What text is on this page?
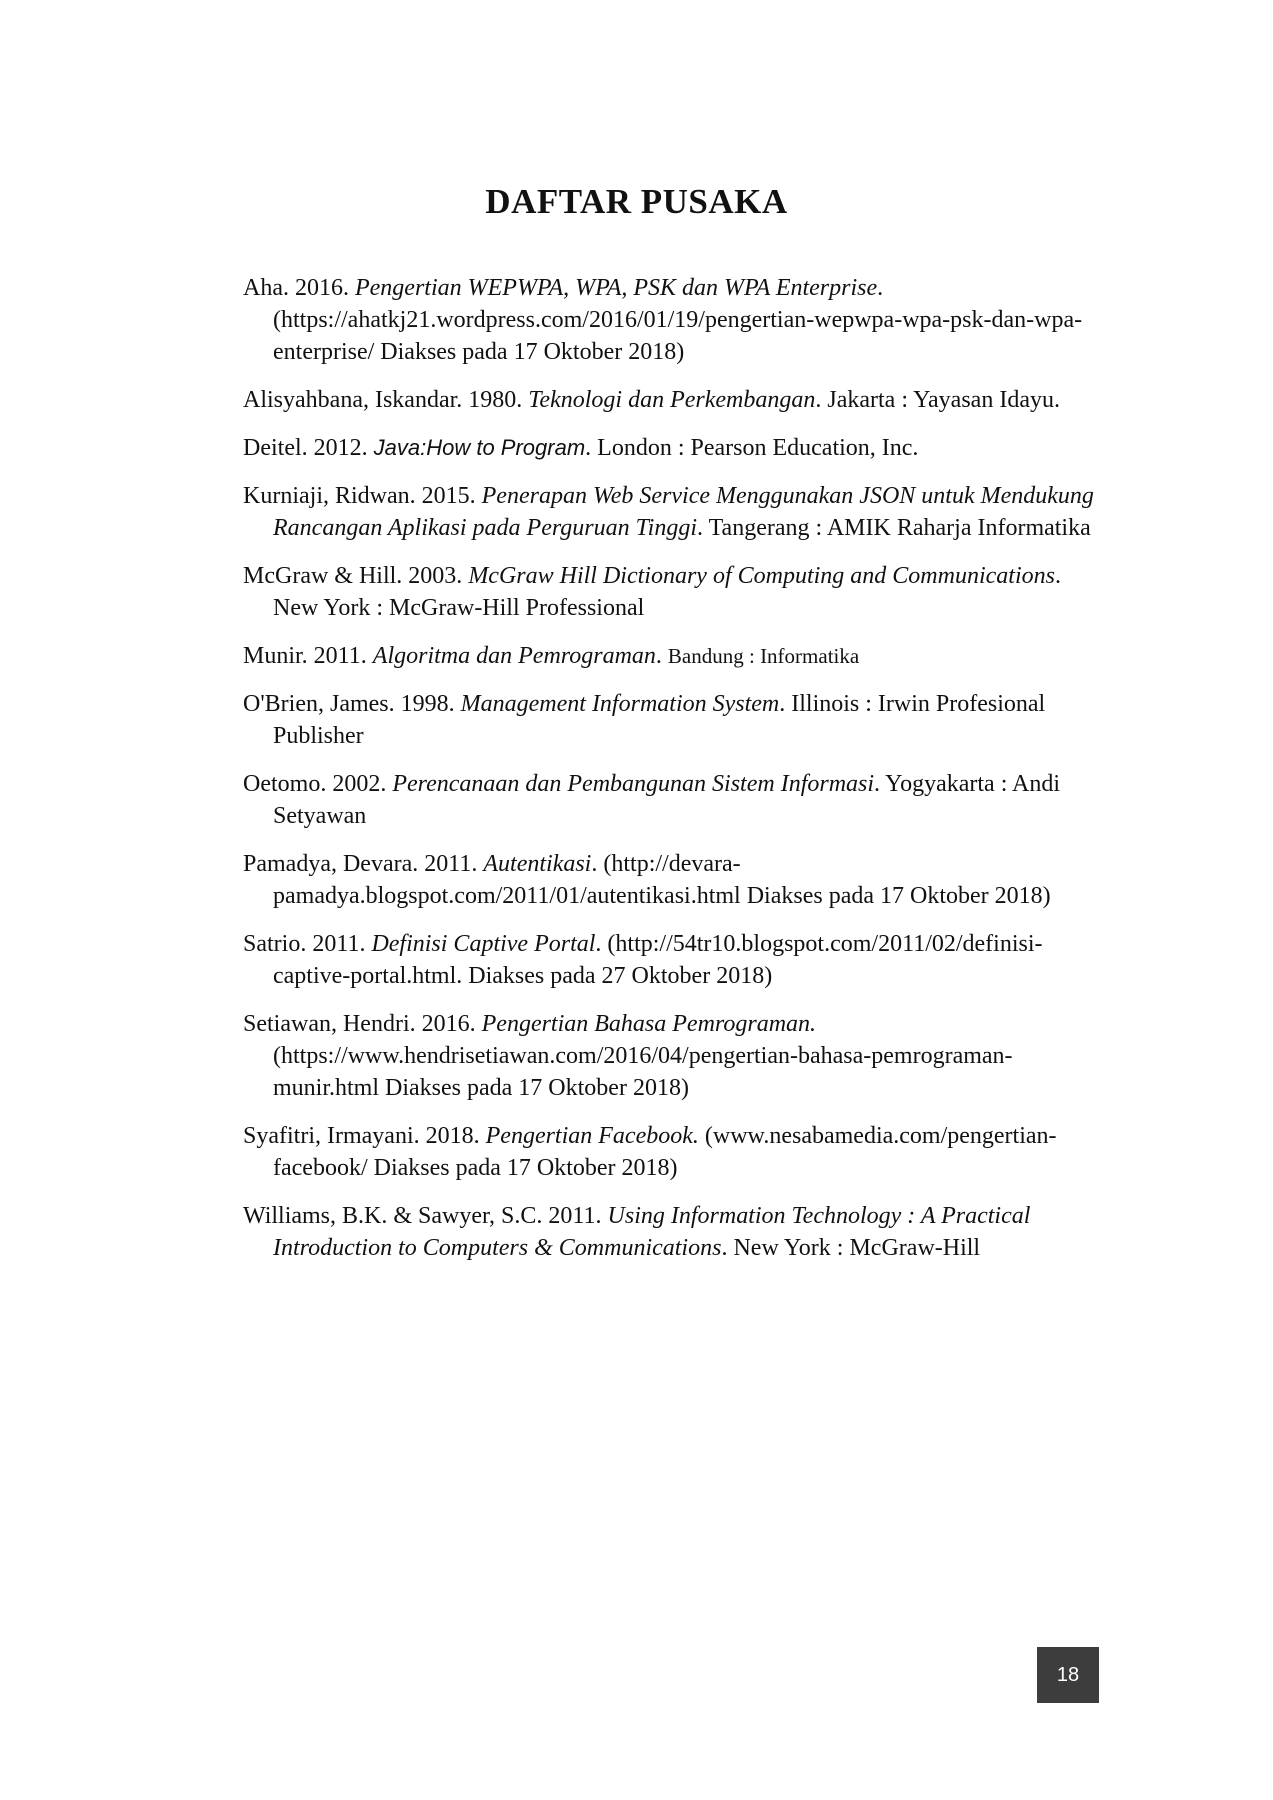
DAFTAR PUSAKA
Aha. 2016. Pengertian WEPWPA, WPA, PSK dan WPA Enterprise. (https://ahatkj21.wordpress.com/2016/01/19/pengertian-wepwpa-wpa-psk-dan-wpa-enterprise/ Diakses pada 17 Oktober 2018)
Alisyahbana, Iskandar. 1980. Teknologi dan Perkembangan. Jakarta : Yayasan Idayu.
Deitel. 2012. Java:How to Program. London : Pearson Education, Inc.
Kurniaji, Ridwan. 2015. Penerapan Web Service Menggunakan JSON untuk Mendukung Rancangan Aplikasi pada Perguruan Tinggi. Tangerang : AMIK Raharja Informatika
McGraw & Hill. 2003. McGraw Hill Dictionary of Computing and Communications. New York : McGraw-Hill Professional
Munir. 2011. Algoritma dan Pemrograman. Bandung : Informatika
O'Brien, James. 1998. Management Information System. Illinois : Irwin Profesional Publisher
Oetomo. 2002. Perencanaan dan Pembangunan Sistem Informasi. Yogyakarta : Andi Setyawan
Pamadya, Devara. 2011. Autentikasi. (http://devara-pamadya.blogspot.com/2011/01/autentikasi.html Diakses pada 17 Oktober 2018)
Satrio. 2011. Definisi Captive Portal. (http://54tr10.blogspot.com/2011/02/definisi-captive-portal.html. Diakses pada 27 Oktober 2018)
Setiawan, Hendri. 2016. Pengertian Bahasa Pemrograman. (https://www.hendrisetiawan.com/2016/04/pengertian-bahasa-pemrograman-munir.html Diakses pada 17 Oktober 2018)
Syafitri, Irmayani. 2018. Pengertian Facebook. (www.nesabamedia.com/pengertian-facebook/ Diakses pada 17 Oktober 2018)
Williams, B.K. & Sawyer, S.C. 2011. Using Information Technology : A Practical Introduction to Computers & Communications. New York : McGraw-Hill
18
